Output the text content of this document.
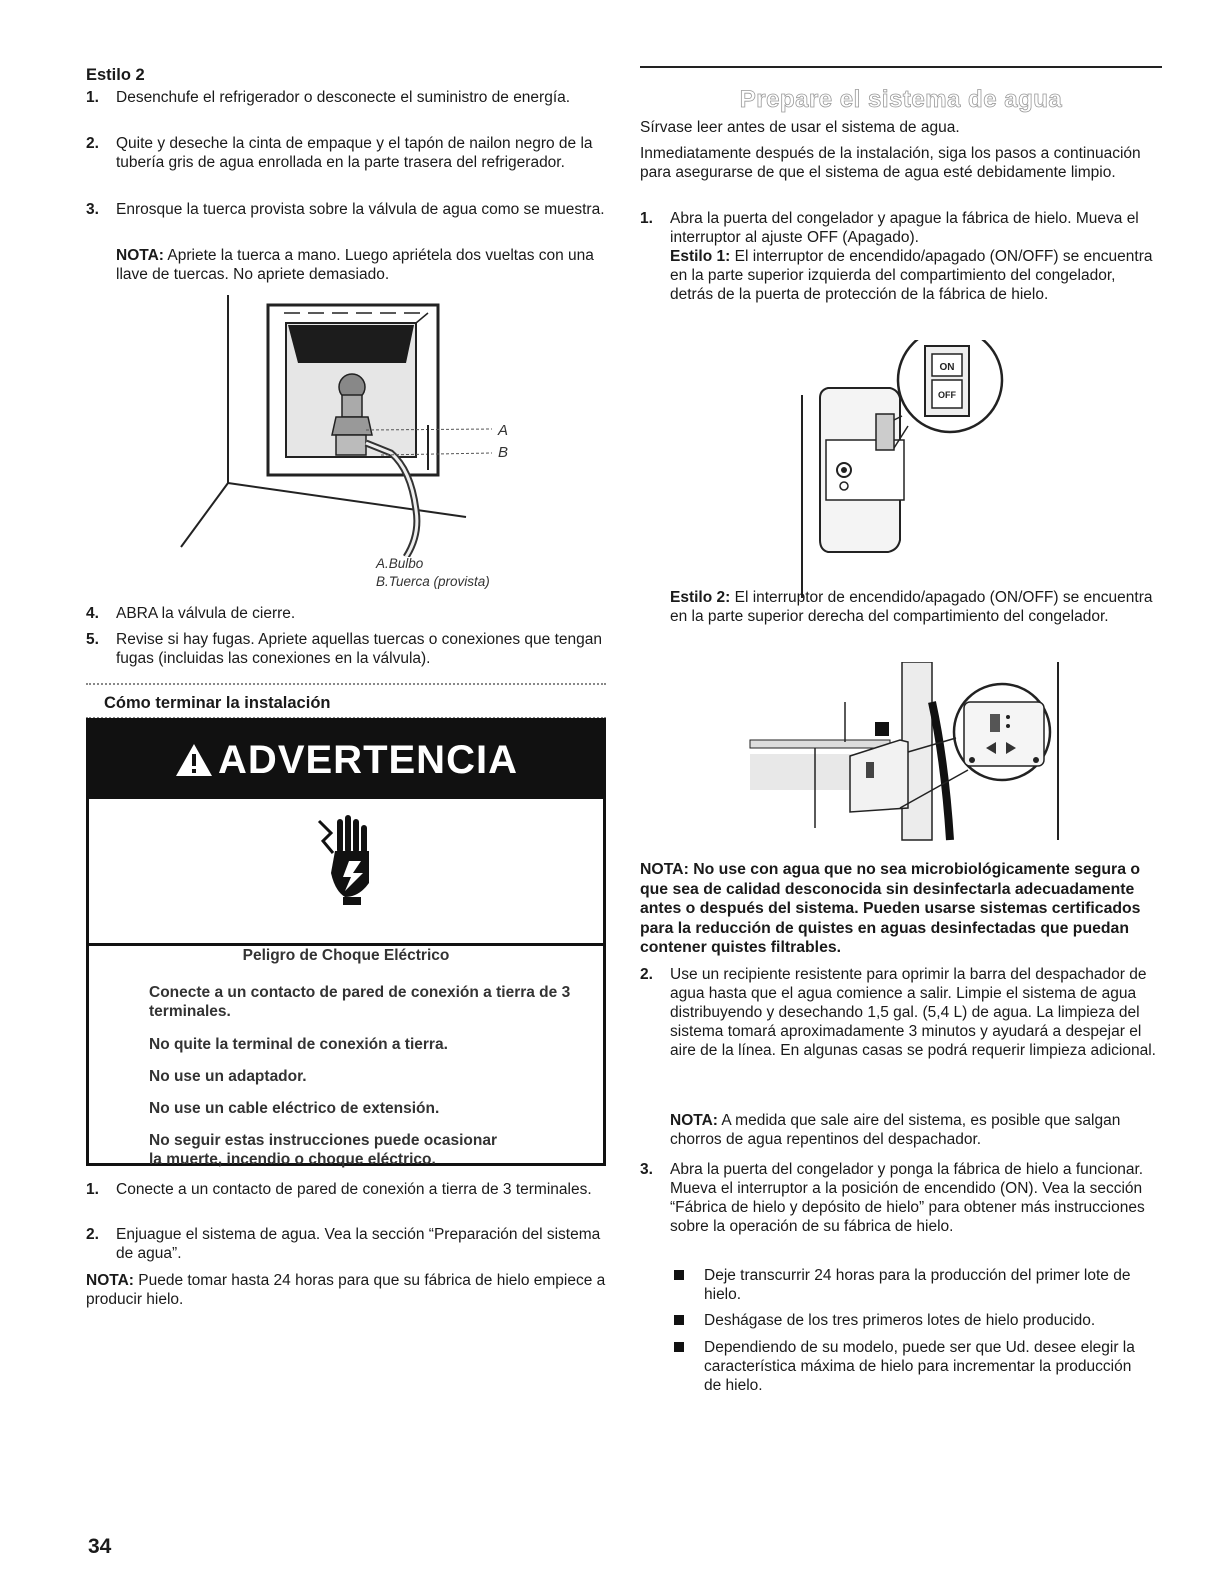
Estilo 2
1. Desenchufe el refrigerador o desconecte el suministro de energía.
2. Quite y deseche la cinta de empaque y el tapón de nailon negro de la tubería gris de agua enrollada en la parte trasera del refrigerador.
3. Enrosque la tuerca provista sobre la válvula de agua como se muestra.
NOTA: Apriete la tuerca a mano. Luego apriétela dos vueltas con una llave de tuercas. No apriete demasiado.
A
B
A.Bulbo
B.Tuerca (provista)
4. ABRA la válvula de cierre.
5. Revise si hay fugas. Apriete aquellas tuercas o conexiones que tengan fugas (incluidas las conexiones en la válvula).
Cómo terminar la instalación
ADVERTENCIA
Peligro de Choque Eléctrico
Conecte a un contacto de pared de conexión a tierra de 3 terminales.
No quite la terminal de conexión a tierra.
No use un adaptador.
No use un cable eléctrico de extensión.
No seguir estas instrucciones puede ocasionar la muerte, incendio o choque eléctrico.
1. Conecte a un contacto de pared de conexión a tierra de 3 terminales.
2. Enjuague el sistema de agua. Vea la sección “Preparación del sistema de agua”.
NOTA: Puede tomar hasta 24 horas para que su fábrica de hielo empiece a producir hielo.
Prepare el sistema de agua
Sírvase leer antes de usar el sistema de agua.
Inmediatamente después de la instalación, siga los pasos a continuación para asegurarse de que el sistema de agua esté debidamente limpio.
1. Abra la puerta del congelador y apague la fábrica de hielo. Mueva el interruptor al ajuste OFF (Apagado).
Estilo 1: El interruptor de encendido/apagado (ON/OFF) se encuentra en la parte superior izquierda del compartimiento del congelador, detrás de la puerta de protección de la fábrica de hielo.
ON
OFF
Estilo 2: El interruptor de encendido/apagado (ON/OFF) se encuentra en la parte superior derecha del compartimiento del congelador.
NOTA: No use con agua que no sea microbiológicamente segura o que sea de calidad desconocida sin desinfectarla adecuadamente antes o después del sistema. Pueden usarse sistemas certificados para la reducción de quistes en aguas desinfectadas que puedan contener quistes filtrables.
2. Use un recipiente resistente para oprimir la barra del despachador de agua hasta que el agua comience a salir. Limpie el sistema de agua distribuyendo y desechando 1,5 gal. (5,4 L) de agua. La limpieza del sistema tomará aproximadamente 3 minutos y ayudará a despejar el aire de la línea. En algunas casas se podrá requerir limpieza adicional.
NOTA: A medida que sale aire del sistema, es posible que salgan chorros de agua repentinos del despachador.
3. Abra la puerta del congelador y ponga la fábrica de hielo a funcionar. Mueva el interruptor a la posición de encendido (ON). Vea la sección “Fábrica de hielo y depósito de hielo” para obtener más instrucciones sobre la operación de su fábrica de hielo.
Deje transcurrir 24 horas para la producción del primer lote de hielo.
Deshágase de los tres primeros lotes de hielo producido.
Dependiendo de su modelo, puede ser que Ud. desee elegir la característica máxima de hielo para incrementar la producción de hielo.
34
